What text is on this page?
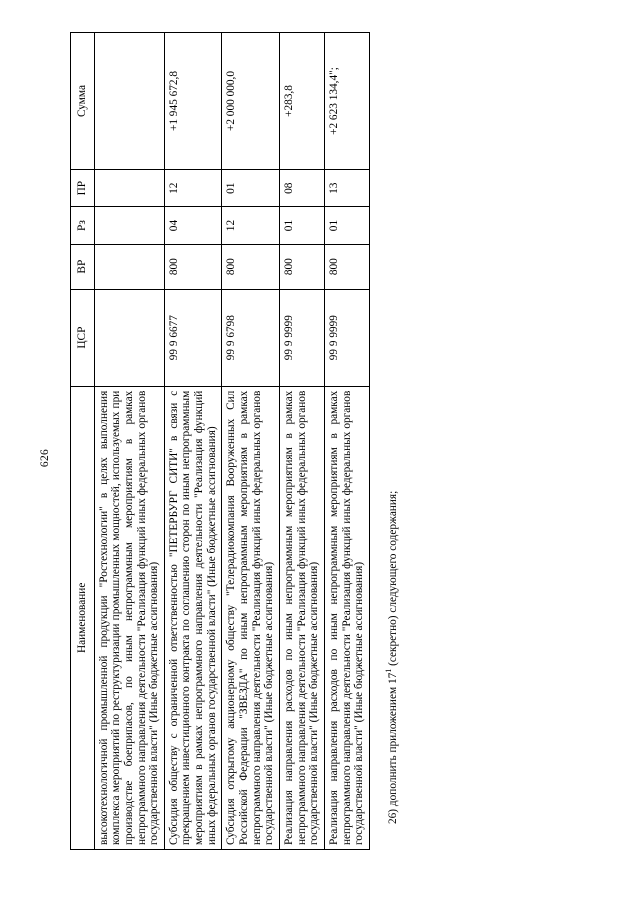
626
Наименование	ЦСР	ВР	Рз	ПР	Сумма
высокотехнологичной промышленной продукции "Ростехнологии" в целях выполнения комплекса мероприятий по реструктуризации промышленных мощностей, используемых при производстве боеприпасов, по иным непрограммным мероприятиям в рамках непрограммного направления деятельности "Реализация функций иных федеральных органов государственной власти" (Иные бюджетные ассигнования)					
Субсидия обществу с ограниченной ответственностью "ПЕТЕРБУРГ СИТИ" в связи с прекращением инвестиционного контракта по соглашению сторон по иным непрограммным мероприятиям в рамках непрограммного направления деятельности "Реализация функций иных федеральных органов государственной власти" (Иные бюджетные ассигнования)	99 9 6677	800	04	12	+1 945 672,8
Субсидия открытому акционерному обществу "Телерадиокомпания Вооруженных Сил Российской Федерации "ЗВЕЗДА" по иным непрограммным мероприятиям в рамках непрограммного направления деятельности "Реализация функций иных федеральных органов государственной власти" (Иные бюджетные ассигнования)	99 9 6798	800	12	01	+2 000 000,0
Реализация направления расходов по иным непрограммным мероприятиям в рамках непрограммного направления деятельности "Реализация функций иных федеральных органов государственной власти" (Иные бюджетные ассигнования)	99 9 9999	800	01	08	+283,8
Реализация направления расходов по иным непрограммным мероприятиям в рамках непрограммного направления деятельности "Реализация функций иных федеральных органов государственной власти" (Иные бюджетные ассигнования)	99 9 9999	800	01	13	+2 623 134,4";
26) дополнить приложением $17^1$ (секретно) следующего содержания;
